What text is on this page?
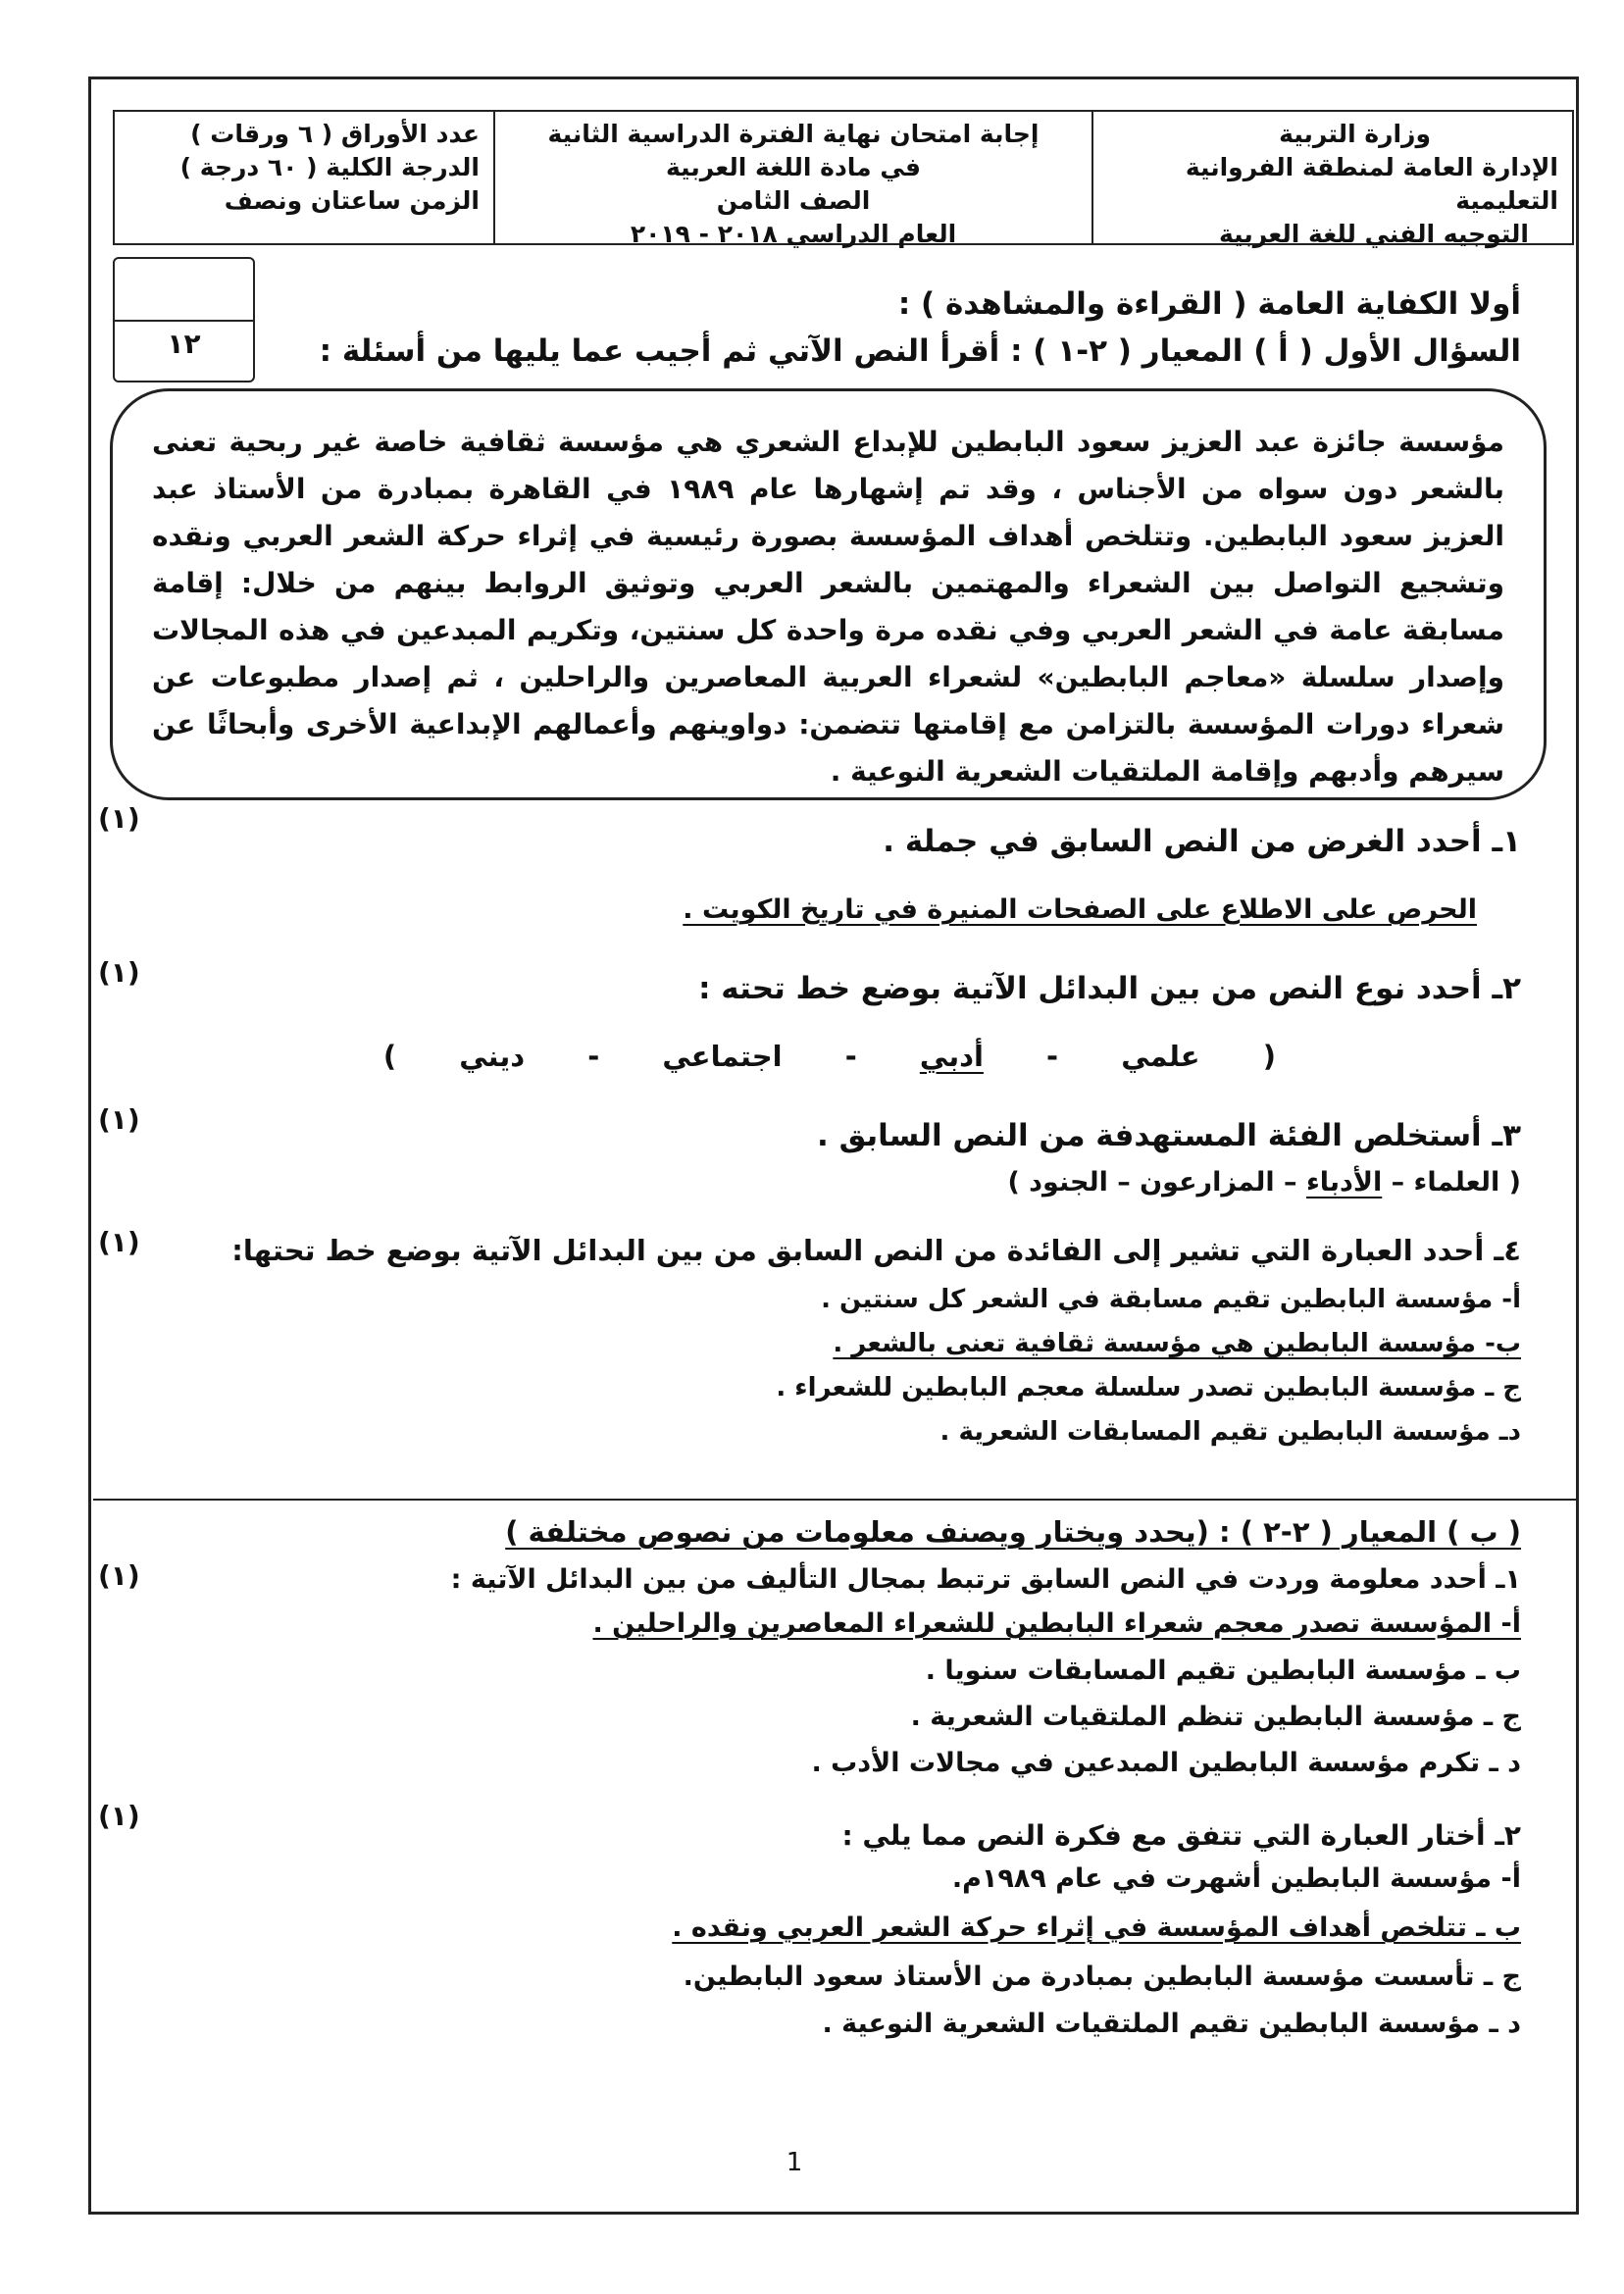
وزارة التربية
الإدارة العامة لمنطقة الفروانية التعليمية
التوجيه الفني للغة العربية
إجابة امتحان نهاية الفترة الدراسية الثانية
في مادة اللغة العربية
الصف الثامن
العام الدراسي ٢٠١٨ - ٢٠١٩
عدد الأوراق ( ٦ ورقات )
الدرجة الكلية ( ٦٠ درجة )
الزمن ساعتان ونصف
١٢
أولا الكفاية العامة ( القراءة والمشاهدة ) :
السؤال الأول ( أ ) المعيار ( ٢-١ ) : أقرأ النص الآتي ثم أجيب عما يليها من أسئلة :
مؤسسة جائزة عبد العزيز سعود البابطين للإبداع الشعري هي مؤسسة ثقافية خاصة غير ربحية تعنى بالشعر دون سواه من الأجناس ، وقد تم إشهارها عام ١٩٨٩ في القاهرة بمبادرة من الأستاذ عبد العزيز سعود البابطين. وتتلخص أهداف المؤسسة بصورة رئيسية في إثراء حركة الشعر العربي ونقده وتشجيع التواصل بين الشعراء والمهتمين بالشعر العربي وتوثيق الروابط بينهم من خلال: إقامة مسابقة عامة في الشعر العربي وفي نقده مرة واحدة كل سنتين، وتكريم المبدعين في هذه المجالات وإصدار سلسلة «معاجم البابطين» لشعراء العربية المعاصرين والراحلين ، ثم إصدار مطبوعات عن شعراء دورات المؤسسة بالتزامن مع إقامتها تتضمن: دواوينهم وأعمالهم الإبداعية الأخرى وأبحاثًا عن سيرهم وأدبهم وإقامة الملتقيات الشعرية النوعية .
(١)
١ـ أحدد الغرض من النص السابق في جملة .
الحرص على الاطلاع على الصفحات المنيرة في تاريخ الكويت .
(١)	٢ـ أحدد نوع النص من بين البدائل الآتية بوضع خط تحته :
( علمي - أدبي - اجتماعي - ديني )
(١)	٣ـ أستخلص الفئة المستهدفة من النص السابق .
( العلماء – الأدباء – المزارعون – الجنود )
(١)	٤ـ أحدد العبارة التي تشير إلى الفائدة من النص السابق من بين البدائل الآتية بوضع خط تحتها:
أ- مؤسسة البابطين تقيم مسابقة في الشعر كل سنتين .
ب- مؤسسة البابطين هي مؤسسة ثقافية تعنى بالشعر .
ج ـ مؤسسة البابطين تصدر سلسلة معجم البابطين للشعراء .
دـ مؤسسة البابطين تقيم المسابقات الشعرية .
( ب ) المعيار ( ٢-٢ ) : (يحدد ويختار ويصنف معلومات من نصوص مختلفة )
(١)	١ـ أحدد معلومة وردت في النص السابق ترتبط بمجال التأليف من بين البدائل الآتية :
أ- المؤسسة تصدر معجم شعراء البابطين للشعراء المعاصرين والراحلين .
ب ـ مؤسسة البابطين تقيم المسابقات سنويا .
ج ـ مؤسسة البابطين تنظم الملتقيات الشعرية .
د ـ تكرم مؤسسة البابطين المبدعين في مجالات الأدب .
(١)
٢ـ أختار العبارة التي تتفق مع فكرة النص مما يلي :
أ- مؤسسة البابطين أشهرت في عام ١٩٨٩م.
ب ـ تتلخص أهداف المؤسسة في إثراء حركة الشعر العربي ونقده .
ج ـ تأسست مؤسسة البابطين بمبادرة من الأستاذ سعود البابطين.
د ـ مؤسسة البابطين تقيم الملتقيات الشعرية النوعية .
1
